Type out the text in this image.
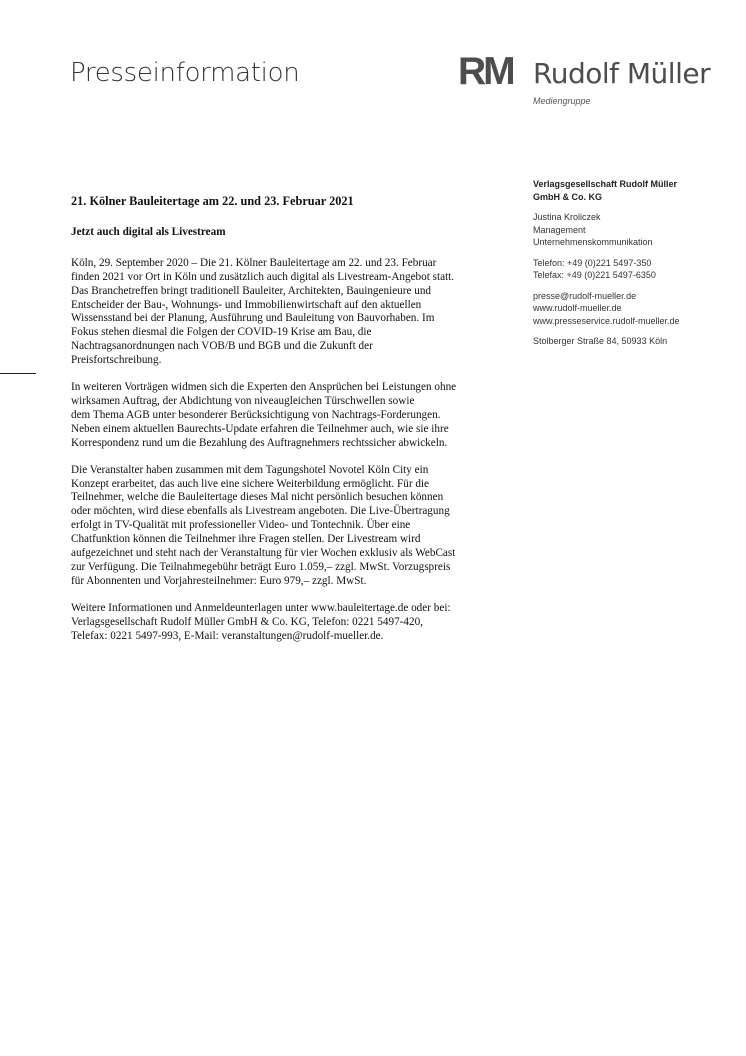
Presseinformation	RM Rudolf Müller
Mediengruppe
Verlagsgesellschaft Rudolf Müller
GmbH & Co. KG
Justina Kroliczek
Management
Unternehmenskommunikation
Telefon: +49 (0)221 5497-350
Telefax: +49 (0)221 5497-6350
presse@rudolf-mueller.de
www.rudolf-mueller.de
www.presseservice.rudolf-mueller.de
Stolberger Straße 84, 50933 Köln
21. Kölner Bauleitertage am 22. und 23. Februar 2021
Jetzt auch digital als Livestream
Köln, 29. September 2020 – Die 21. Kölner Bauleitertage am 22. und 23. Februar
finden 2021 vor Ort in Köln und zusätzlich auch digital als Livestream-Angebot statt.
Das Branchetreffen bringt traditionell Bauleiter, Architekten, Bauingenieure und
Entscheider der Bau-, Wohnungs- und Immobilienwirtschaft auf den aktuellen
Wissensstand bei der Planung, Ausführung und Bauleitung von Bauvorhaben. Im
Fokus stehen diesmal die Folgen der COVID-19 Krise am Bau, die
Nachtragsanordnungen nach VOB/B und BGB und die Zukunft der
Preisfortschreibung.
In weiteren Vorträgen widmen sich die Experten den Ansprüchen bei Leistungen ohne
wirksamen Auftrag, der Abdichtung von niveaugleichen Türschwellen sowie
dem Thema AGB unter besonderer Berücksichtigung von Nachtrags-Forderungen.
Neben einem aktuellen Baurechts-Update erfahren die Teilnehmer auch, wie sie ihre
Korrespondenz rund um die Bezahlung des Auftragnehmers rechtssicher abwickeln.
Die Veranstalter haben zusammen mit dem Tagungshotel Novotel Köln City ein
Konzept erarbeitet, das auch live eine sichere Weiterbildung ermöglicht. Für die
Teilnehmer, welche die Bauleitertage dieses Mal nicht persönlich besuchen können
oder möchten, wird diese ebenfalls als Livestream angeboten. Die Live-Übertragung
erfolgt in TV-Qualität mit professioneller Video- und Tontechnik. Über eine
Chatfunktion können die Teilnehmer ihre Fragen stellen. Der Livestream wird
aufgezeichnet und steht nach der Veranstaltung für vier Wochen exklusiv als WebCast
zur Verfügung. Die Teilnahmegebühr beträgt Euro 1.059,– zzgl. MwSt. Vorzugspreis
für Abonnenten und Vorjahresteilnehmer: Euro 979,– zzgl. MwSt.
Weitere Informationen und Anmeldeunterlagen unter www.bauleitertage.de oder bei:
Verlagsgesellschaft Rudolf Müller GmbH & Co. KG, Telefon: 0221 5497-420,
Telefax: 0221 5497-993, E-Mail: veranstaltungen@rudolf-mueller.de.
